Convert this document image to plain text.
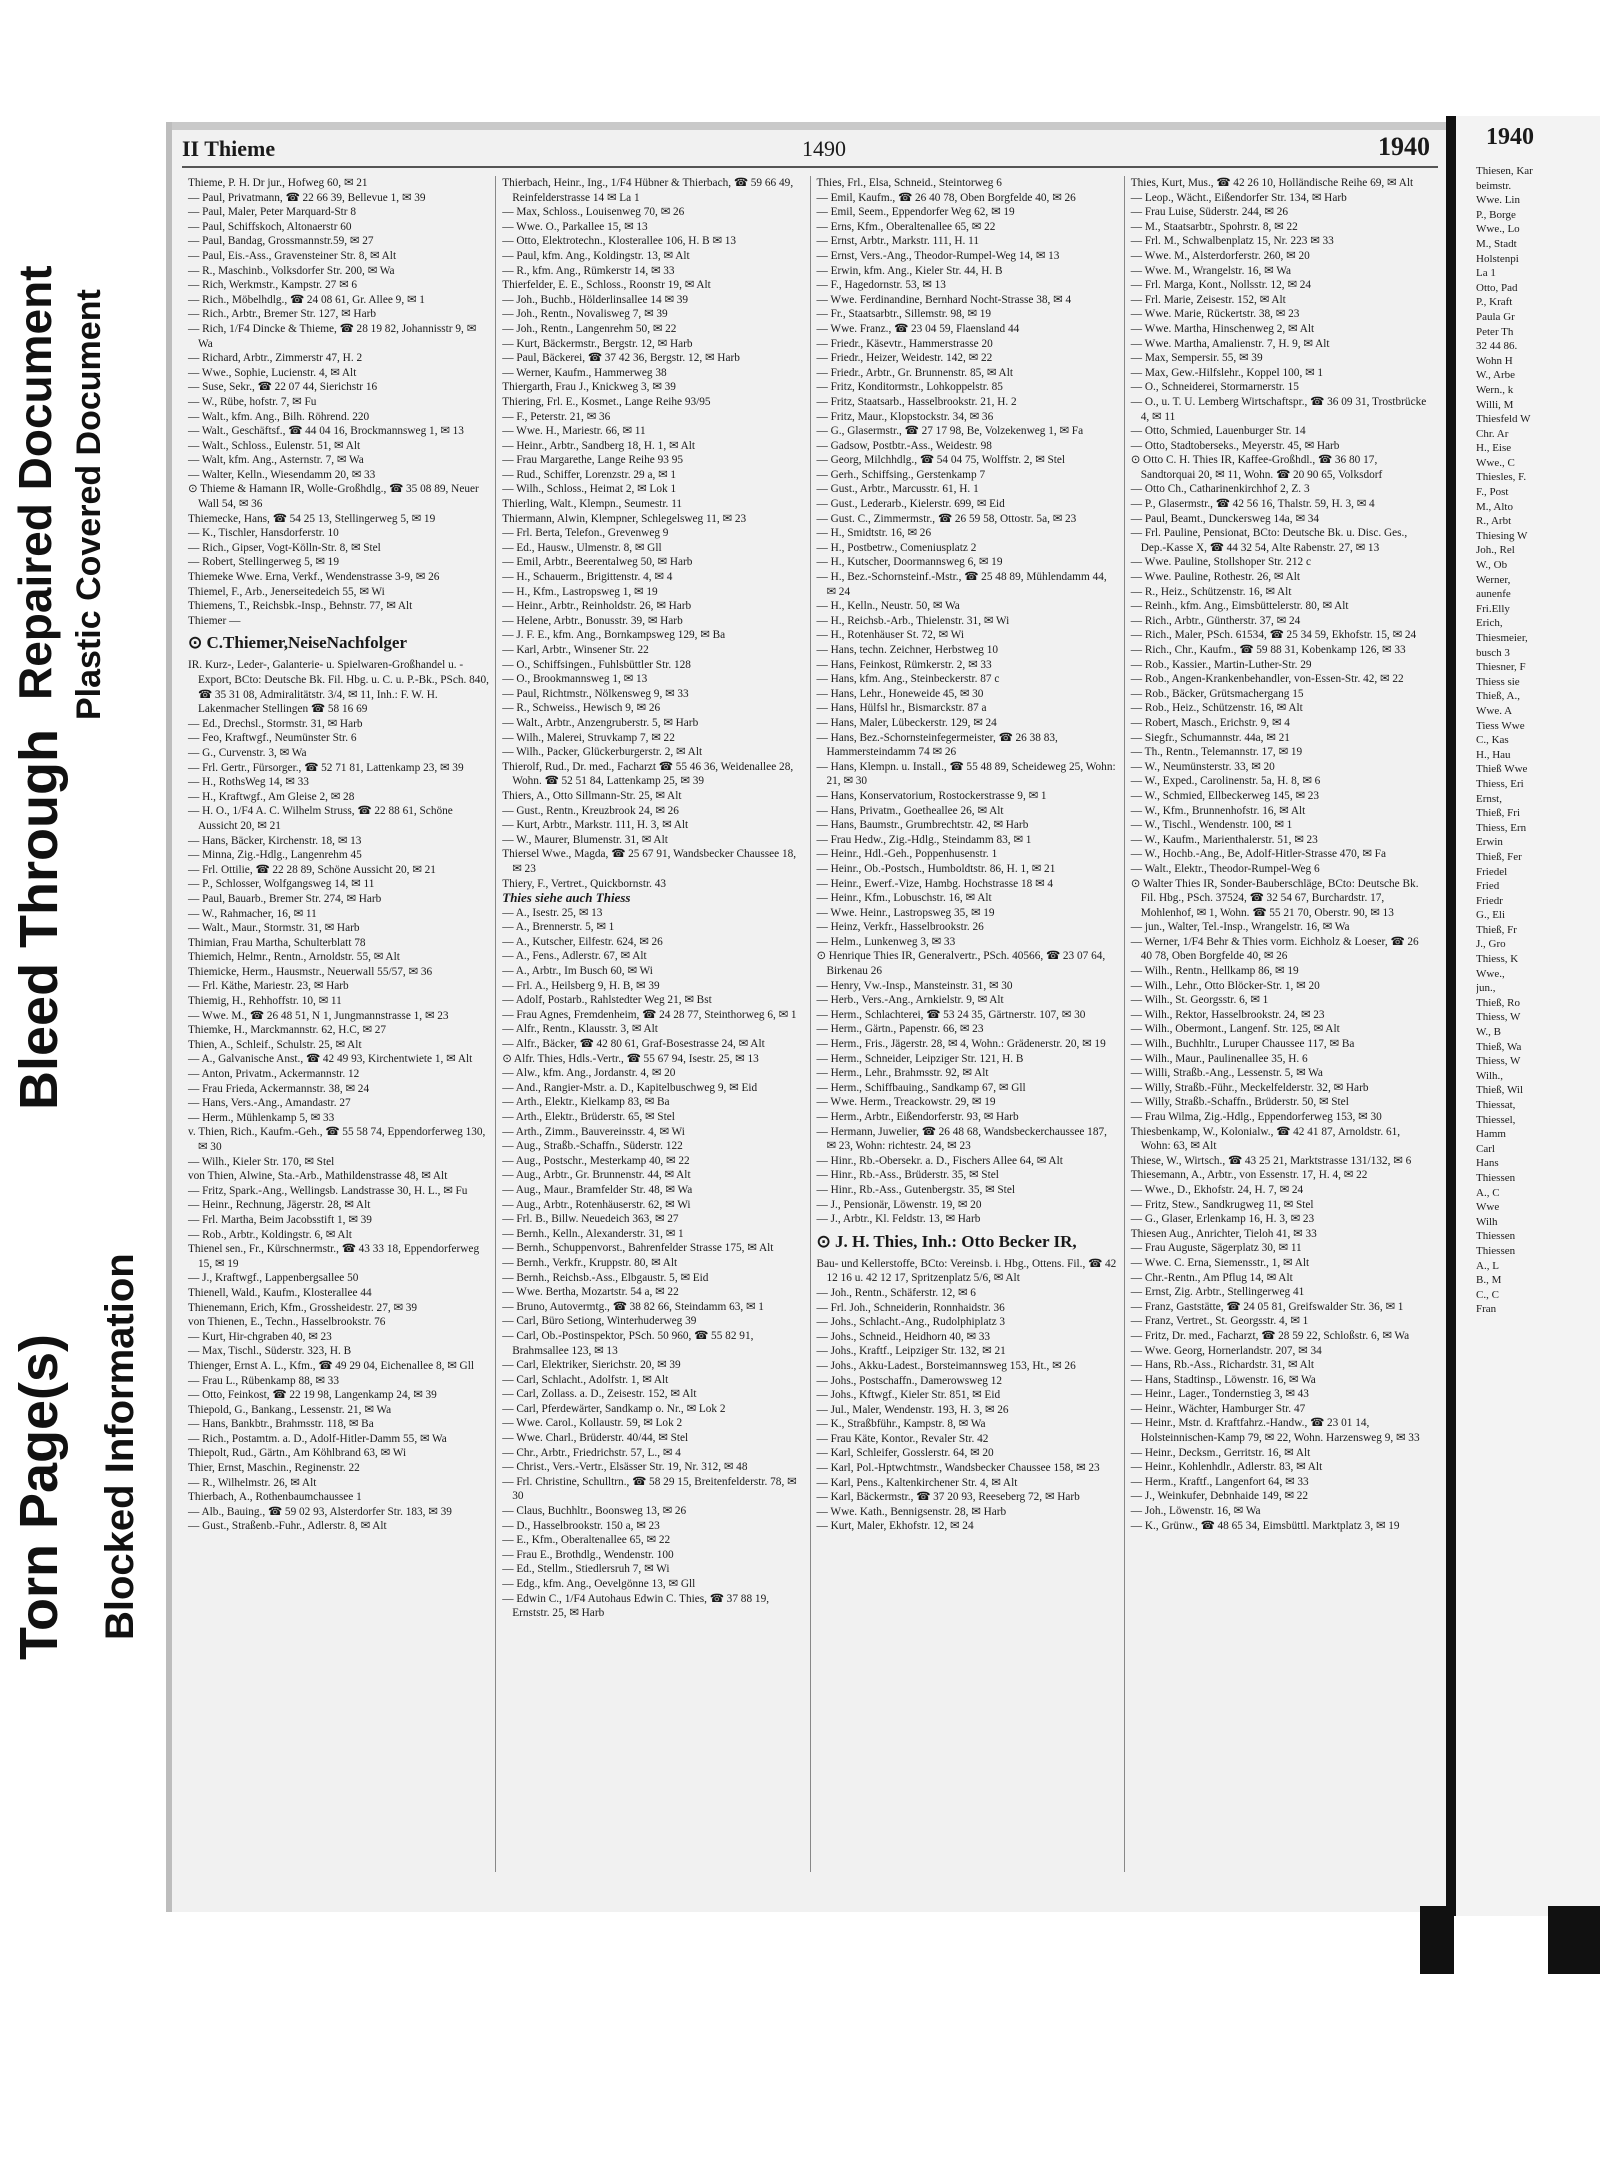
Torn Page(s) Blocked Information
Bleed Through
Repaired Document Plastic Covered Document
II Thieme	1490	1940

Thieme, P. H. Dr jur., Hofweg 60, ✉ 21

— Paul, Privatmann, ☎ 22 66 39, Bellevue 1, ✉ 39

— Paul, Maler, Peter Marquard-Str 8

— Paul, Schiffskoch, Altonaerstr 60

— Paul, Bandag, Grossmannstr.59, ✉ 27

— Paul, Eis.-Ass., Gravensteiner Str. 8, ✉ Alt

— R., Maschinb., Volksdorfer Str. 200, ✉ Wa

— Rich, Werkmstr., Kampstr. 27 ✉ 6

— Rich., Möbelhdlg., ☎ 24 08 61, Gr. Allee 9, ✉ 1

— Rich., Arbtr., Bremer Str. 127, ✉ Harb

— Rich, 1/F4 Dincke & Thieme, ☎ 28 19 82, Johannisstr 9, ✉ Wa

— Richard, Arbtr., Zimmerstr 47, H. 2

— Wwe., Sophie, Lucienstr. 4, ✉ Alt

— Suse, Sekr., ☎ 22 07 44, Sierichstr 16

— W., Rübe, hofstr. 7, ✉ Fu

— Walt., kfm. Ang., Bilh. Röhrend. 220

— Walt., Geschäftsf., ☎ 44 04 16, Brockmannsweg 1, ✉ 13

— Walt., Schloss., Eulenstr. 51, ✉ Alt

— Walt, kfm. Ang., Asternstr. 7, ✉ Wa

— Walter, Kelln., Wiesendamm 20, ✉ 33

⊙ Thieme & Hamann IR, Wolle-Großhdlg., ☎ 35 08 89, Neuer Wall 54, ✉ 36

Thiemecke, Hans, ☎ 54 25 13, Stellingerweg 5, ✉ 19

— K., Tischler, Hansdorferstr. 10

— Rich., Gipser, Vogt-Kölln-Str. 8, ✉ Stel

— Robert, Stellingerweg 5, ✉ 19

Thiemeke Wwe. Erna, Verkf., Wendenstrasse 3-9, ✉ 26

Thiemel, F., Arb., Jenerseitedeich 55, ✉ Wi

Thiemens, T., Reichsbk.-Insp., Behnstr. 77, ✉ Alt

Thiemer —

⊙ C.Thiemer,NeiseNachfolger

IR. Kurz-, Leder-, Galanterie- u. Spielwaren-Großhandel u. -Export, BCto: Deutsche Bk. Fil. Hbg. u. C. u. P.-Bk., PSch. 840, ☎ 35 31 08, Admiralitätstr. 3/4, ✉ 11, Inh.: F. W. H. Lakenmacher Stellingen ☎ 58 16 69

— Ed., Drechsl., Stormstr. 31, ✉ Harb

— Feo, Kraftwgf., Neumünster Str. 6

— G., Curvenstr. 3, ✉ Wa

— Frl. Gertr., Fürsorger., ☎ 52 71 81, Lattenkamp 23, ✉ 39

— H., RothsWeg 14, ✉ 33

— H., Kraftwgf., Am Gleise 2, ✉ 28

— H. O., 1/F4 A. C. Wilhelm Struss, ☎ 22 88 61, Schöne Aussicht 20, ✉ 21

— Hans, Bäcker, Kirchenstr. 18, ✉ 13

— Minna, Zig.-Hdlg., Langenrehm 45

— Frl. Ottilie, ☎ 22 28 89, Schöne Aussicht 20, ✉ 21

— P., Schlosser, Wolfgangsweg 14, ✉ 11

— Paul, Bauarb., Bremer Str. 274, ✉ Harb

— W., Rahmacher, 16, ✉ 11

— Walt., Maur., Stormstr. 31, ✉ Harb

Thimian, Frau Martha, Schulterblatt 78

Thiemich, Helmr., Rentn., Arnoldstr. 55, ✉ Alt

Thiemicke, Herm., Hausmstr., Neuerwall 55/57, ✉ 36

— Frl. Käthe, Mariestr. 23, ✉ Harb

Thiemig, H., Rehhoffstr. 10, ✉ 11

— Wwe. M., ☎ 26 48 51, N 1, Jungmannstrasse 1, ✉ 23

Thiemke, H., Marckmannstr. 62, H.C, ✉ 27

Thien, A., Schleif., Schulstr. 25, ✉ Alt

— A., Galvanische Anst., ☎ 42 49 93, Kirchentwiete 1, ✉ Alt

— Anton, Privatm., Ackermannstr. 12

— Frau Frieda, Ackermannstr. 38, ✉ 24

— Hans, Vers.-Ang., Amandastr. 27

— Herm., Mühlenkamp 5, ✉ 33

v. Thien, Rich., Kaufm.-Geh., ☎ 55 58 74, Eppendorferweg 130, ✉ 30

— Wilh., Kieler Str. 170, ✉ Stel

von Thien, Alwine, Sta.-Arb., Mathildenstrasse 48, ✉ Alt

— Fritz, Spark.-Ang., Wellingsb. Landstrasse 30, H. L., ✉ Fu

— Heinr., Rechnung, Jägerstr. 28, ✉ Alt

— Frl. Martha, Beim Jacobsstift 1, ✉ 39

— Rob., Arbtr., Koldingstr. 6, ✉ Alt

Thienel sen., Fr., Kürschnermstr., ☎ 43 33 18, Eppendorferweg 15, ✉ 19

— J., Kraftwgf., Lappenbergsallee 50

Thienell, Wald., Kaufm., Klosterallee 44

Thienemann, Erich, Kfm., Grossheidestr. 27, ✉ 39

von Thienen, E., Techn., Hasselbrookstr. 76

— Kurt, Hir-chgraben 40, ✉ 23

— Max, Tischl., Süderstr. 323, H. B

Thienger, Ernst A. L., Kfm., ☎ 49 29 04, Eichenallee 8, ✉ Gll

— Frau L., Rübenkamp 88, ✉ 33

— Otto, Feinkost, ☎ 22 19 98, Langenkamp 24, ✉ 39

Thiepold, G., Bankang., Lessenstr. 21, ✉ Wa

— Hans, Bankbtr., Brahmsstr. 118, ✉ Ba

— Rich., Postamtm. a. D., Adolf-Hitler-Damm 55, ✉ Wa

Thiepolt, Rud., Gärtn., Am Köhlbrand 63, ✉ Wi

Thier, Ernst, Maschin., Reginenstr. 22

— R., Wilhelmstr. 26, ✉ Alt

Thierbach, A., Rothenbaumchaussee 1

— Alb., Bauing., ☎ 59 02 93, Alsterdorfer Str. 183, ✉ 39

— Gust., Straßenb.-Fuhr., Adlerstr. 8, ✉ Alt

Thierbach, Heinr., Ing., 1/F4 Hübner & Thierbach, ☎ 59 66 49, Reinfelderstrasse 14 ✉ La 1

— Max, Schloss., Louisenweg 70, ✉ 26

— Wwe. O., Parkallee 15, ✉ 13

— Otto, Elektrotechn., Klosterallee 106, H. B ✉ 13

— Paul, kfm. Ang., Koldingstr. 13, ✉ Alt

— R., kfm. Ang., Rümkerstr 14, ✉ 33

Thierfelder, E. E., Schloss., Roonstr 19, ✉ Alt

— Joh., Buchb., Hölderlinsallee 14 ✉ 39

— Joh., Rentn., Novalisweg 7, ✉ 39

— Joh., Rentn., Langenrehm 50, ✉ 22

— Kurt, Bäckermstr., Bergstr. 12, ✉ Harb

— Paul, Bäckerei, ☎ 37 42 36, Bergstr. 12, ✉ Harb

— Werner, Kaufm., Hammerweg 38

Thiergarth, Frau J., Knickweg 3, ✉ 39

Thiering, Frl. E., Kosmet., Lange Reihe 93/95

— F., Peterstr. 21, ✉ 36

— Wwe. H., Mariestr. 66, ✉ 11

— Heinr., Arbtr., Sandberg 18, H. 1, ✉ Alt

— Frau Margarethe, Lange Reihe 93 95

— Rud., Schiffer, Lorenzstr. 29 a, ✉ 1

— Wilh., Schloss., Heimat 2, ✉ Lok 1

Thierling, Walt., Klempn., Seumestr. 11

Thiermann, Alwin, Klempner, Schlegelsweg 11, ✉ 23

— Frl. Berta, Telefon., Grevenweg 9

— Ed., Hausw., Ulmenstr. 8, ✉ Gll

— Emil, Arbtr., Beerentalweg 50, ✉ Harb

— H., Schauerm., Brigittenstr. 4, ✉ 4

— H., Kfm., Lastropsweg 1, ✉ 19

— Heinr., Arbtr., Reinholdstr. 26, ✉ Harb

— Helene, Arbtr., Bonusstr. 39, ✉ Harb

— J. F. E., kfm. Ang., Bornkampsweg 129, ✉ Ba

— Karl, Arbtr., Winsener Str. 22

— O., Schiffsingen., Fuhlsbüttler Str. 128

— O., Brookmannsweg 1, ✉ 13

— Paul, Richtmstr., Nölkensweg 9, ✉ 33

— R., Schweiss., Hewisch 9, ✉ 26

— Walt., Arbtr., Anzengruberstr. 5, ✉ Harb

— Wilh., Malerei, Struvkamp 7, ✉ 22

— Wilh., Packer, Glückerburgerstr. 2, ✉ Alt

Thierolf, Rud., Dr. med., Facharzt ☎ 55 46 36, Weidenallee 28, Wohn. ☎ 52 51 84, Lattenkamp 25, ✉ 39

Thiers, A., Otto Sillmann-Str. 25, ✉ Alt

— Gust., Rentn., Kreuzbrook 24, ✉ 26

— Kurt, Arbtr., Markstr. 111, H. 3, ✉ Alt

— W., Maurer, Blumenstr. 31, ✉ Alt

Thiersel Wwe., Magda, ☎ 25 67 91, Wandsbecker Chaussee 18, ✉ 23

Thiery, F., Vertret., Quickbornstr. 43

Thies siehe auch Thiess

— A., Isestr. 25, ✉ 13

— A., Brennerstr. 5, ✉ 1

— A., Kutscher, Eilfestr. 624, ✉ 26

— A., Fens., Adlerstr. 67, ✉ Alt

— A., Arbtr., Im Busch 60, ✉ Wi

— Frl. A., Heilsberg 9, H. B, ✉ 39

— Adolf, Postarb., Rahlstedter Weg 21, ✉ Bst

— Frau Agnes, Fremdenheim, ☎ 24 28 77, Steinthorweg 6, ✉ 1

— Alfr., Rentn., Klausstr. 3, ✉ Alt

— Alfr., Bäcker, ☎ 42 80 61, Graf-Bosestrasse 24, ✉ Alt

⊙ Alfr. Thies, Hdls.-Vertr., ☎ 55 67 94, Isestr. 25, ✉ 13

— Alw., kfm. Ang., Jordanstr. 4, ✉ 20

— And., Rangier-Mstr. a. D., Kapitelbuschweg 9, ✉ Eid

— Arth., Elektr., Kielkamp 83, ✉ Ba

— Arth., Elektr., Brüderstr. 65, ✉ Stel

— Arth., Zimm., Bauvereinsstr. 4, ✉ Wi

— Aug., Straßb.-Schaffn., Süderstr. 122

— Aug., Postschr., Mesterkamp 40, ✉ 22

— Aug., Arbtr., Gr. Brunnenstr. 44, ✉ Alt

— Aug., Maur., Bramfelder Str. 48, ✉ Wa

— Aug., Arbtr., Rotenhäuserstr. 62, ✉ Wi

— Frl. B., Billw. Neuedeich 363, ✉ 27

— Bernh., Kelln., Alexanderstr. 31, ✉ 1

— Bernh., Schuppenvorst., Bahrenfelder Strasse 175, ✉ Alt

— Bernh., Verkfr., Kruppstr. 80, ✉ Alt

— Bernh., Reichsb.-Ass., Elbgaustr. 5, ✉ Eid

— Wwe. Bertha, Mozartstr. 54 a, ✉ 22

— Bruno, Autovermtg., ☎ 38 82 66, Steindamm 63, ✉ 1

— Carl, Büro Setiong, Winterhuderweg 39

— Carl, Ob.-Postinspektor, PSch. 50 960, ☎ 55 82 91, Brahmsallee 123, ✉ 13

— Carl, Elektriker, Sierichstr. 20, ✉ 39

— Carl, Schlacht., Adolfstr. 1, ✉ Alt

— Carl, Zollass. a. D., Zeisestr. 152, ✉ Alt

— Carl, Pferdewärter, Sandkamp o. Nr., ✉ Lok 2

— Wwe. Carol., Kollaustr. 59, ✉ Lok 2

— Wwe. Charl., Brüderstr. 40/44, ✉ Stel

— Chr., Arbtr., Friedrichstr. 57, L., ✉ 4

— Christ., Vers.-Vertr., Elsässer Str. 19, Nr. 312, ✉ 48

— Frl. Christine, Schulltrn., ☎ 58 29 15, Breitenfelderstr. 78, ✉ 30

— Claus, Buchhltr., Boonsweg 13, ✉ 26

— D., Hasselbrookstr. 150 a, ✉ 23

— E., Kfm., Oberaltenallee 65, ✉ 22

— Frau E., Brothdlg., Wendenstr. 100

— Ed., Stellm., Stiedlersruh 7, ✉ Wi

— Edg., kfm. Ang., Oevelgönne 13, ✉ Gll

— Edwin C., 1/F4 Autohaus Edwin C. Thies, ☎ 37 88 19, Ernststr. 25, ✉ Harb

Thies, Frl., Elsa, Schneid., Steintorweg 6

— Emil, Kaufm., ☎ 26 40 78, Oben Borgfelde 40, ✉ 26

— Emil, Seem., Eppendorfer Weg 62, ✉ 19

— Erns, Kfm., Oberaltenallee 65, ✉ 22

— Ernst, Arbtr., Markstr. 111, H. 11

— Ernst, Vers.-Ang., Theodor-Rumpel-Weg 14, ✉ 13

— Erwin, kfm. Ang., Kieler Str. 44, H. B

— F., Hagedornstr. 53, ✉ 13

— Wwe. Ferdinandine, Bernhard Nocht-Strasse 38, ✉ 4

— Fr., Staatsarbtr., Sillemstr. 98, ✉ 19

— Wwe. Franz., ☎ 23 04 59, Flaensland 44

— Friedr., Käsevtr., Hammerstrasse 20

— Friedr., Heizer, Weidestr. 142, ✉ 22

— Friedr., Arbtr., Gr. Brunnenstr. 85, ✉ Alt

— Fritz, Konditormstr., Lohkoppelstr. 85

— Fritz, Staatsarb., Hasselbrookstr. 21, H. 2

— Fritz, Maur., Klopstockstr. 34, ✉ 36

— G., Glasermstr., ☎ 27 17 98, Be, Volzekenweg 1, ✉ Fa

— Gadsow, Postbtr.-Ass., Weidestr. 98

— Georg, Milchhdlg., ☎ 54 04 75, Wolffstr. 2, ✉ Stel

— Gerh., Schiffsing., Gerstenkamp 7

— Gust., Arbtr., Marcusstr. 61, H. 1

— Gust., Lederarb., Kielerstr. 699, ✉ Eid

— Gust. C., Zimmermstr., ☎ 26 59 58, Ottostr. 5a, ✉ 23

— H., Smidtstr. 16, ✉ 26

— H., Postbetrw., Comeniusplatz 2

— H., Kutscher, Doormannsweg 6, ✉ 19

— H., Bez.-Schornsteinf.-Mstr., ☎ 25 48 89, Mühlendamm 44, ✉ 24

— H., Kelln., Neustr. 50, ✉ Wa

— H., Reichsb.-Arb., Thielenstr. 31, ✉ Wi

— H., Rotenhäuser St. 72, ✉ Wi

— Hans, techn. Zeichner, Herbstweg 10

— Hans, Feinkost, Rümkerstr. 2, ✉ 33

— Hans, kfm. Ang., Steinbeckerstr. 87 c

— Hans, Lehr., Honeweide 45, ✉ 30

— Hans, Hülfsl hr., Bismarckstr. 87 a

— Hans, Maler, Lübeckerstr. 129, ✉ 24

— Hans, Bez.-Schornsteinfegermeister, ☎ 26 38 83, Hammersteindamm 74 ✉ 26

— Hans, Klempn. u. Install., ☎ 55 48 89, Scheideweg 25, Wohn: 21, ✉ 30

— Hans, Konservatorium, Rostockerstrasse 9, ✉ 1

— Hans, Privatm., Goetheallee 26, ✉ Alt

— Hans, Baumstr., Grumbrechtstr. 42, ✉ Harb

— Frau Hedw., Zig.-Hdlg., Steindamm 83, ✉ 1

— Heinr., Hdl.-Geh., Poppenhusenstr. 1

— Heinr., Ob.-Postsch., Humboldtstr. 86, H. 1, ✉ 21

— Heinr., Ewerf.-Vize, Hambg. Hochstrasse 18 ✉ 4

— Heinr., Kfm., Lobuschstr. 16, ✉ Alt

— Wwe. Heinr., Lastropsweg 35, ✉ 19

— Heinz, Verkfr., Hasselbrookstr. 26

— Helm., Lunkenweg 3, ✉ 33

⊙ Henrique Thies IR, Generalvertr., PSch. 40566, ☎ 23 07 64, Birkenau 26

— Henry, Vw.-Insp., Mansteinstr. 31, ✉ 30

— Herb., Vers.-Ang., Arnkielstr. 9, ✉ Alt

— Herm., Schlachterei, ☎ 53 24 35, Gärtnerstr. 107, ✉ 30

— Herm., Gärtn., Papenstr. 66, ✉ 23

— Herm., Fris., Jägerstr. 28, ✉ 4, Wohn.: Grädenerstr. 20, ✉ 19

— Herm., Schneider, Leipziger Str. 121, H. B

— Herm., Lehr., Brahmsstr. 92, ✉ Alt

— Herm., Schiffbauing., Sandkamp 67, ✉ Gll

— Wwe. Herm., Treackowstr. 29, ✉ 19

— Herm., Arbtr., Eißendorferstr. 93, ✉ Harb

— Hermann, Juwelier, ☎ 26 48 68, Wandsbeckerchaussee 187, ✉ 23, Wohn: richtestr. 24, ✉ 23

— Hinr., Rb.-Obersekr. a. D., Fischers Allee 64, ✉ Alt

— Hinr., Rb.-Ass., Brüderstr. 35, ✉ Stel

— Hinr., Rb.-Ass., Gutenbergstr. 35, ✉ Stel

— J., Pensionär, Löwenstr. 19, ✉ 20

— J., Arbtr., Kl. Feldstr. 13, ✉ Harb

⊙ J. H. Thies, Inh.: Otto Becker IR,

Bau- und Kellerstoffe, BCto: Vereinsb. i. Hbg., Ottens. Fil., ☎ 42 12 16 u. 42 12 17, Spritzenplatz 5/6, ✉ Alt

— Joh., Rentn., Schäferstr. 12, ✉ 6

— Frl. Joh., Schneiderin, Ronnhaidstr. 36

— Johs., Schlacht.-Ang., Rudolphiplatz 3

— Johs., Schneid., Heidhorn 40, ✉ 33

— Johs., Kraftf., Leipziger Str. 132, ✉ 21

— Johs., Akku-Ladest., Borsteimannsweg 153, Ht., ✉ 26

— Johs., Postschaffn., Damerowsweg 12

— Johs., Kftwgf., Kieler Str. 851, ✉ Eid

— Jul., Maler, Wendenstr. 193, H. 3, ✉ 26

— K., Straßbführ., Kampstr. 8, ✉ Wa

— Frau Käte, Kontor., Revaler Str. 42

— Karl, Schleifer, Gosslerstr. 64, ✉ 20

— Karl, Pol.-Hptwchtmstr., Wandsbecker Chaussee 158, ✉ 23

— Karl, Pens., Kaltenkirchener Str. 4, ✉ Alt

— Karl, Bäckermstr., ☎ 37 20 93, Reeseberg 72, ✉ Harb

— Wwe. Kath., Bennigsenstr. 28, ✉ Harb

— Kurt, Maler, Ekhofstr. 12, ✉ 24

Thies, Kurt, Mus., ☎ 42 26 10, Holländische Reihe 69, ✉ Alt

— Leop., Wächt., Eißendorfer Str. 134, ✉ Harb

— Frau Luise, Süderstr. 244, ✉ 26

— M., Staatsarbtr., Spohrstr. 8, ✉ 22

— Frl. M., Schwalbenplatz 15, Nr. 223 ✉ 33

— Wwe. M., Alsterdorferstr. 260, ✉ 20

— Wwe. M., Wrangelstr. 16, ✉ Wa

— Frl. Marga, Kont., Nollsstr. 12, ✉ 24

— Frl. Marie, Zeisestr. 152, ✉ Alt

— Wwe. Marie, Rückertstr. 38, ✉ 23

— Wwe. Martha, Hinschenweg 2, ✉ Alt

— Wwe. Martha, Amalienstr. 7, H. 9, ✉ Alt

— Max, Sempersir. 55, ✉ 39

— Max, Gew.-Hilfslehr., Koppel 100, ✉ 1

— O., Schneiderei, Stormarnerstr. 15

— O., u. T. U. Lemberg Wirtschaftspr., ☎ 36 09 31, Trostbrücke 4, ✉ 11

— Otto, Schmied, Lauenburger Str. 14

— Otto, Stadtoberseks., Meyerstr. 45, ✉ Harb

⊙ Otto C. H. Thies IR, Kaffee-Großhdl., ☎ 36 80 17, Sandtorquai 20, ✉ 11, Wohn. ☎ 20 90 65, Volksdorf

— Otto Ch., Catharinenkirchhof 2, Z. 3

— P., Glasermstr., ☎ 42 56 16, Thalstr. 59, H. 3, ✉ 4

— Paul, Beamt., Dunckersweg 14a, ✉ 34

— Frl. Pauline, Pensionat, BCto: Deutsche Bk. u. Disc. Ges., Dep.-Kasse X, ☎ 44 32 54, Alte Rabenstr. 27, ✉ 13

— Wwe. Pauline, Stollshoper Str. 212 c

— Wwe. Pauline, Rothestr. 26, ✉ Alt

— R., Heiz., Schützenstr. 16, ✉ Alt

— Reinh., kfm. Ang., Eimsbüttelerstr. 80, ✉ Alt

— Rich., Arbtr., Güntherstr. 37, ✉ 24

— Rich., Maler, PSch. 61534, ☎ 25 34 59, Ekhofstr. 15, ✉ 24

— Rich., Chr., Kaufm., ☎ 59 88 31, Kobenkamp 126, ✉ 33

— Rob., Kassier., Martin-Luther-Str. 29

— Rob., Angen-Krankenbehandler, von-Essen-Str. 42, ✉ 22

— Rob., Bäcker, Grütsmachergang 15

— Rob., Heiz., Schützenstr. 16, ✉ Alt

— Robert, Masch., Erichstr. 9, ✉ 4

— Siegfr., Schumannstr. 44a, ✉ 21

— Th., Rentn., Telemannstr. 17, ✉ 19

— W., Neumünsterstr. 33, ✉ 20

— W., Exped., Carolinenstr. 5a, H. 8, ✉ 6

— W., Schmied, Ellbeckerweg 145, ✉ 23

— W., Kfm., Brunnenhofstr. 16, ✉ Alt

— W., Tischl., Wendenstr. 100, ✉ 1

— W., Kaufm., Marienthalerstr. 51, ✉ 23

— W., Hochb.-Ang., Be, Adolf-Hitler-Strasse 470, ✉ Fa

— Walt., Elektr., Theodor-Rumpel-Weg 6

⊙ Walter Thies IR, Sonder-Bauberschläge, BCto: Deutsche Bk. Fil. Hbg., PSch. 37524, ☎ 32 54 67, Burchardstr. 17, Mohlenhof, ✉ 1, Wohn. ☎ 55 21 70, Oberstr. 90, ✉ 13

— jun., Walter, Tel.-Insp., Wrangelstr. 16, ✉ Wa

— Werner, 1/F4 Behr & Thies vorm. Eichholz & Loeser, ☎ 26 40 78, Oben Borgfelde 40, ✉ 26

— Wilh., Rentn., Hellkamp 86, ✉ 19

— Wilh., Lehr., Otto Blöcker-Str. 1, ✉ 20

— Wilh., St. Georgsstr. 6, ✉ 1

— Wilh., Rektor, Hasselbrookstr. 24, ✉ 23

— Wilh., Obermont., Langenf. Str. 125, ✉ Alt

— Wilh., Buchhltr., Luruper Chaussee 117, ✉ Ba

— Wilh., Maur., Paulinenallee 35, H. 6

— Willi, Straßb.-Ang., Lessenstr. 5, ✉ Wa

— Willy, Straßb.-Führ., Meckelfelderstr. 32, ✉ Harb

— Willy, Straßb.-Schaffn., Brüderstr. 50, ✉ Stel

— Frau Wilma, Zig.-Hdlg., Eppendorferweg 153, ✉ 30

Thiesbenkamp, W., Kolonialw., ☎ 42 41 87, Arnoldstr. 61, Wohn: 63, ✉ Alt

Thiese, W., Wirtsch., ☎ 43 25 21, Marktstrasse 131/132, ✉ 6

Thiesemann, A., Arbtr., von Essenstr. 17, H. 4, ✉ 22

— Wwe., D., Ekhofstr. 24, H. 7, ✉ 24

— Fritz, Stew., Sandkrugweg 11, ✉ Stel

— G., Glaser, Erlenkamp 16, H. 3, ✉ 23

Thiesen Aug., Anrichter, Tieloh 41, ✉ 33

— Frau Auguste, Sägerplatz 30, ✉ 11

— Wwe. C. Erna, Siemensstr., 1, ✉ Alt

— Chr.-Rentn., Am Pflug 14, ✉ Alt

— Ernst, Zig. Arbtr., Stellingerweg 41

— Franz, Gaststätte, ☎ 24 05 81, Greifswalder Str. 36, ✉ 1

— Franz, Vertret., St. Georgsstr. 4, ✉ 1

— Fritz, Dr. med., Facharzt, ☎ 28 59 22, Schloßstr. 6, ✉ Wa

— Wwe. Georg, Hornerlandstr. 207, ✉ 34

— Hans, Rb.-Ass., Richardstr. 31, ✉ Alt

— Hans, Stadtinsp., Löwenstr. 16, ✉ Wa

— Heinr., Lager., Tondernstieg 3, ✉ 43

— Heinr., Wächter, Hamburger Str. 47

— Heinr., Mstr. d. Kraftfahrz.-Handw., ☎ 23 01 14, Holsteinnischen-Kamp 79, ✉ 22, Wohn. Harzensweg 9, ✉ 33

— Heinr., Decksm., Gerritstr. 16, ✉ Alt

— Heinr., Kohlenhdlr., Adlerstr. 83, ✉ Alt

— Herm., Kraftf., Langenfort 64, ✉ 33

— J., Weinkufer, Debnhaide 149, ✉ 22

— Joh., Löwenstr. 16, ✉ Wa

— K., Grünw., ☎ 48 65 34, Eimsbüttl. Marktplatz 3, ✉ 19

1940
Thiesen, Kar
beimstr.
Wwe. Lin
P., Borge
Wwe., Lo
M., Stadt
Holstenpi
La 1
Otto, Pad
P., Kraft
Paula Gr
Peter Th
32 44 86.
Wohn H
W., Arbe
Wern., k
Willi, M
Thiesfeld W
Chr. Ar
H., Eise
Wwe., C
Thiesles, F.
F., Post
M., Alto
R., Arbt
Thiesing W
Joh., Rel
W., Ob
Werner,
aunenfe
Fri.Elly
Erich,
Thiesmeier,
busch 3
Thiesner, F
Thiess sie
Thieß, A.,
Wwe. A
Tiess Wwe
C., Kas
H., Hau
Thieß Wwe
Thiess, Eri
Ernst,
Thieß, Fri
Thiess, Ern
Erwin
Thieß, Fer
Friedel
Fried
Friedr
G., Eli
Thieß, Fr
J., Gro
Thiess, K
Wwe.,
jun.,
Thieß, Ro
Thiess, W
W., B
Thieß, Wa
Thiess, W
Wilh.,
Thieß, Wil
Thiessat,
Thiessel,
Hamm
Carl
Hans
Thiessen
A., C
Wwe
Wilh
Thiessen
Thiessen
A., L
B., M
C., C
Fran
